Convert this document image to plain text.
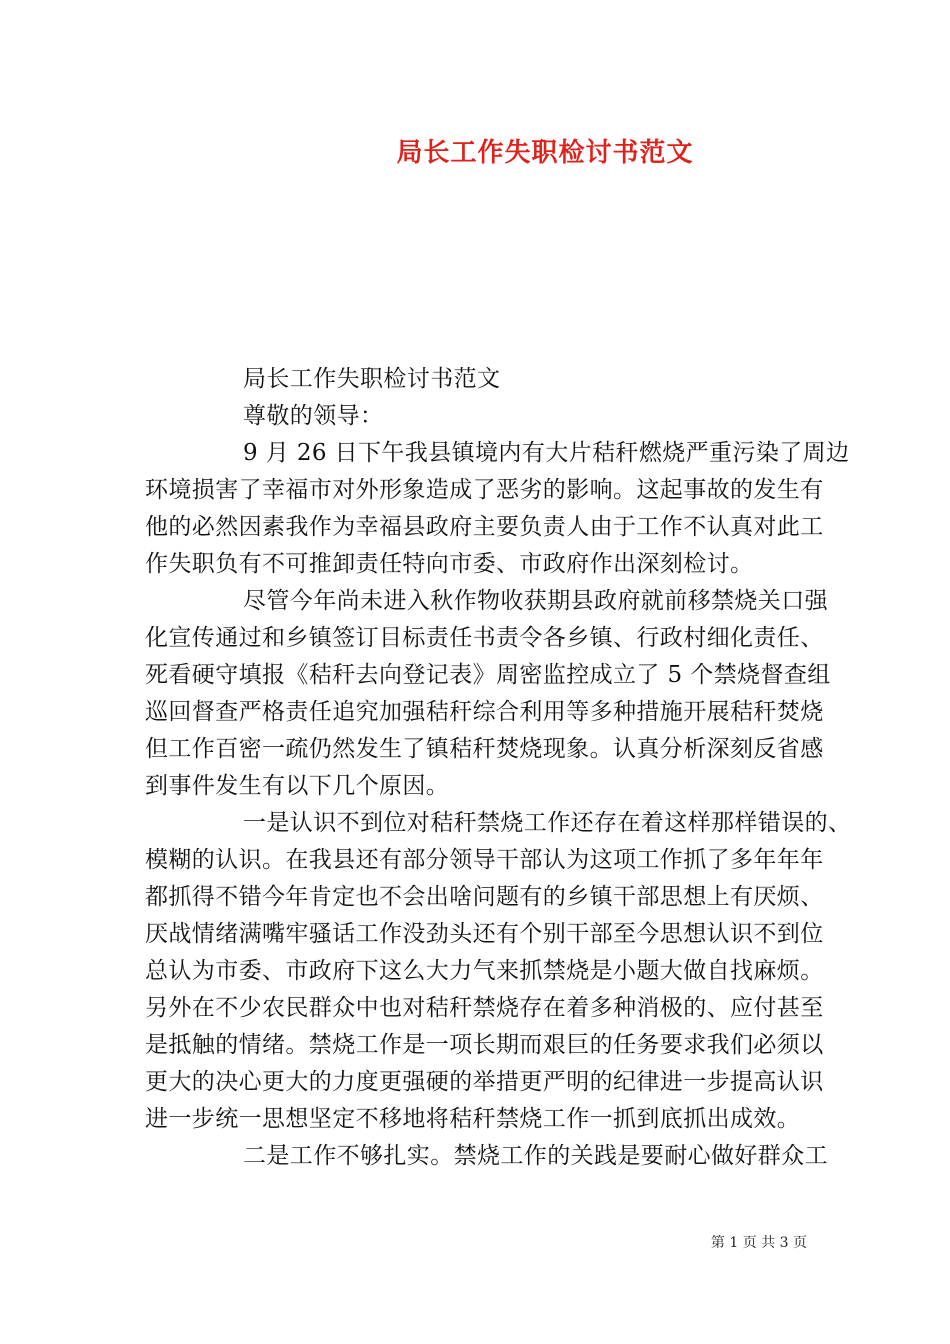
局长工作失职检讨书范文
局长工作失职检讨书范文
尊敬的领导：
9 月 26 日下午我县镇境内有大片秸秆燃烧严重污染了周边
环境损害了幸福市对外形象造成了恶劣的影响。这起事故的发生有
他的必然因素我作为幸福县政府主要负责人由于工作不认真对此工
作失职负有不可推卸责任特向市委、市政府作出深刻检讨。
尽管今年尚未进入秋作物收获期县政府就前移禁烧关口强
化宣传通过和乡镇签订目标责任书责令各乡镇、行政村细化责任、
死看硬守填报《秸秆去向登记表》周密监控成立了 5 个禁烧督查组
巡回督查严格责任追究加强秸秆综合利用等多种措施开展秸秆焚烧
但工作百密一疏仍然发生了镇秸秆焚烧现象。认真分析深刻反省感
到事件发生有以下几个原因。
一是认识不到位对秸秆禁烧工作还存在着这样那样错误的、
模糊的认识。在我县还有部分领导干部认为这项工作抓了多年年年
都抓得不错今年肯定也不会出啥问题有的乡镇干部思想上有厌烦、
厌战情绪满嘴牢骚话工作没劲头还有个别干部至今思想认识不到位
总认为市委、市政府下这么大力气来抓禁烧是小题大做自找麻烦。
另外在不少农民群众中也对秸秆禁烧存在着多种消极的、应付甚至
是抵触的情绪。禁烧工作是一项长期而艰巨的任务要求我们必须以
更大的决心更大的力度更强硬的举措更严明的纪律进一步提高认识
进一步统一思想坚定不移地将秸秆禁烧工作一抓到底抓出成效。
二是工作不够扎实。禁烧工作的关践是要耐心做好群众工
第 1 页 共 3 页
